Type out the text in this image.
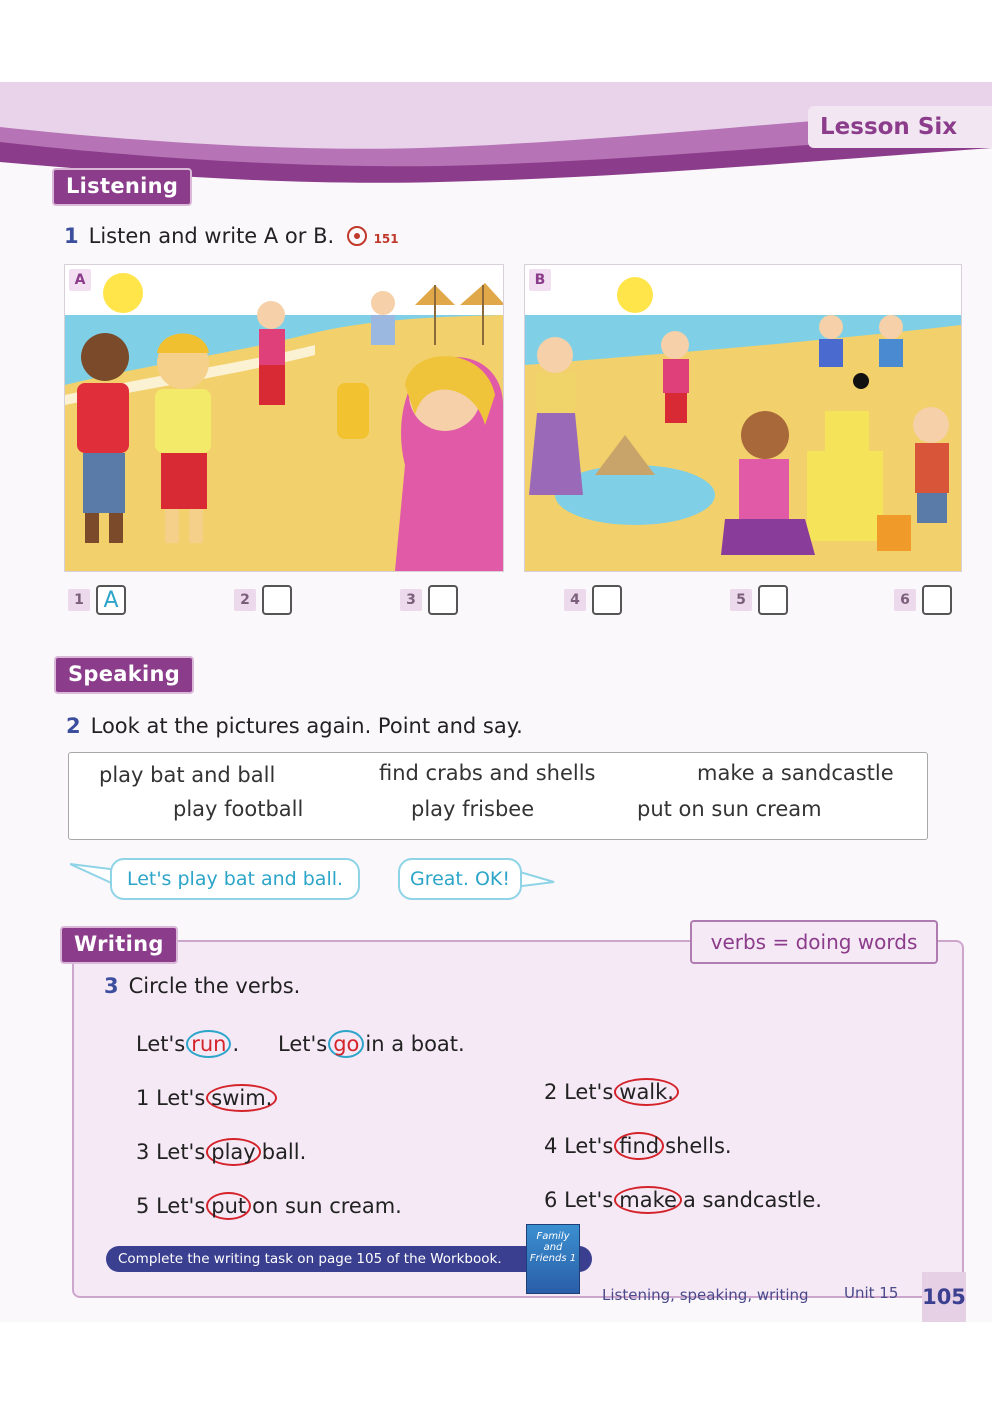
Lesson Six
Listening
1 Listen and write A or B.	151
A	B
1 A	2	3	4	5	6
Speaking
2 Look at the pictures again. Point and say.
play bat and ball	find crabs and shells	make a sandcastle
play football	play frisbee	put on sun cream
Let's play bat and ball.	Great. OK!
Writing	verbs = doing words
3 Circle the verbs.
Let's run . Let's go in a boat.
1 Let's swim.	2 Let's walk.
3 Let's play ball.	4 Let's find shells.
5 Let's put on sun cream.	6 Let's make a sandcastle.
Complete the writing task on page 105 of the Workbook.
Family and Friends 1
Listening, speaking, writing Unit 15 105
